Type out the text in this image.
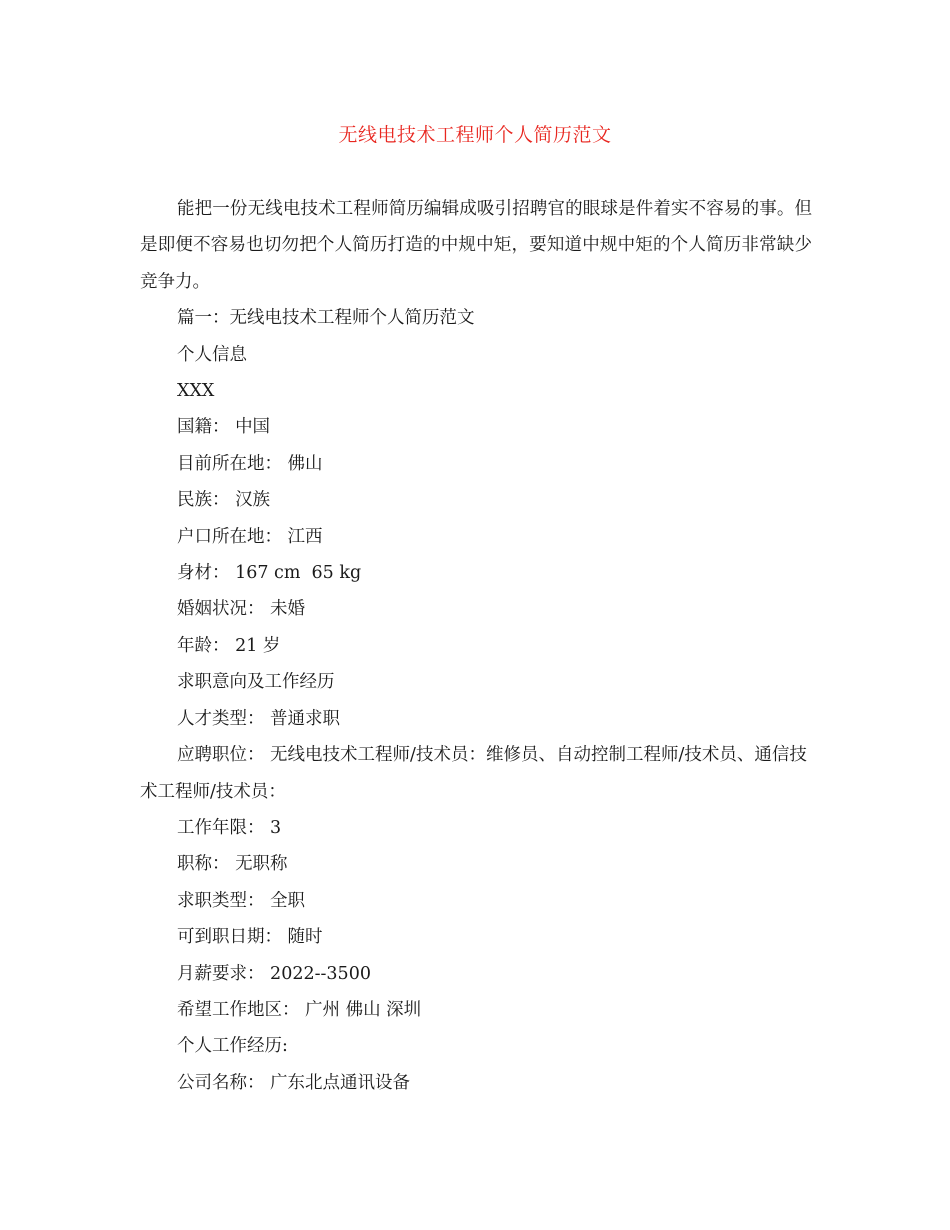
无线电技术工程师个人简历范文

能把一份无线电技术工程师简历编辑成吸引招聘官的眼球是件着实不容易的事。但是即便不容易也切勿把个人简历打造的中规中矩，要知道中规中矩的个人简历非常缺少竞争力。

篇一：无线电技术工程师个人简历范文

个人信息

XXX

国籍： 中国

目前所在地： 佛山

民族： 汉族

户口所在地： 江西

身材： 167 cm  65 kg

婚姻状况： 未婚

年龄： 21 岁

求职意向及工作经历

人才类型： 普通求职

应聘职位： 无线电技术工程师/技术员：维修员、自动控制工程师/技术员、通信技术工程师/技术员：

工作年限： 3

职称： 无职称

求职类型： 全职

可到职日期： 随时

月薪要求： 2022--3500

希望工作地区： 广州 佛山 深圳

个人工作经历:

公司名称： 广东北点通讯设备
